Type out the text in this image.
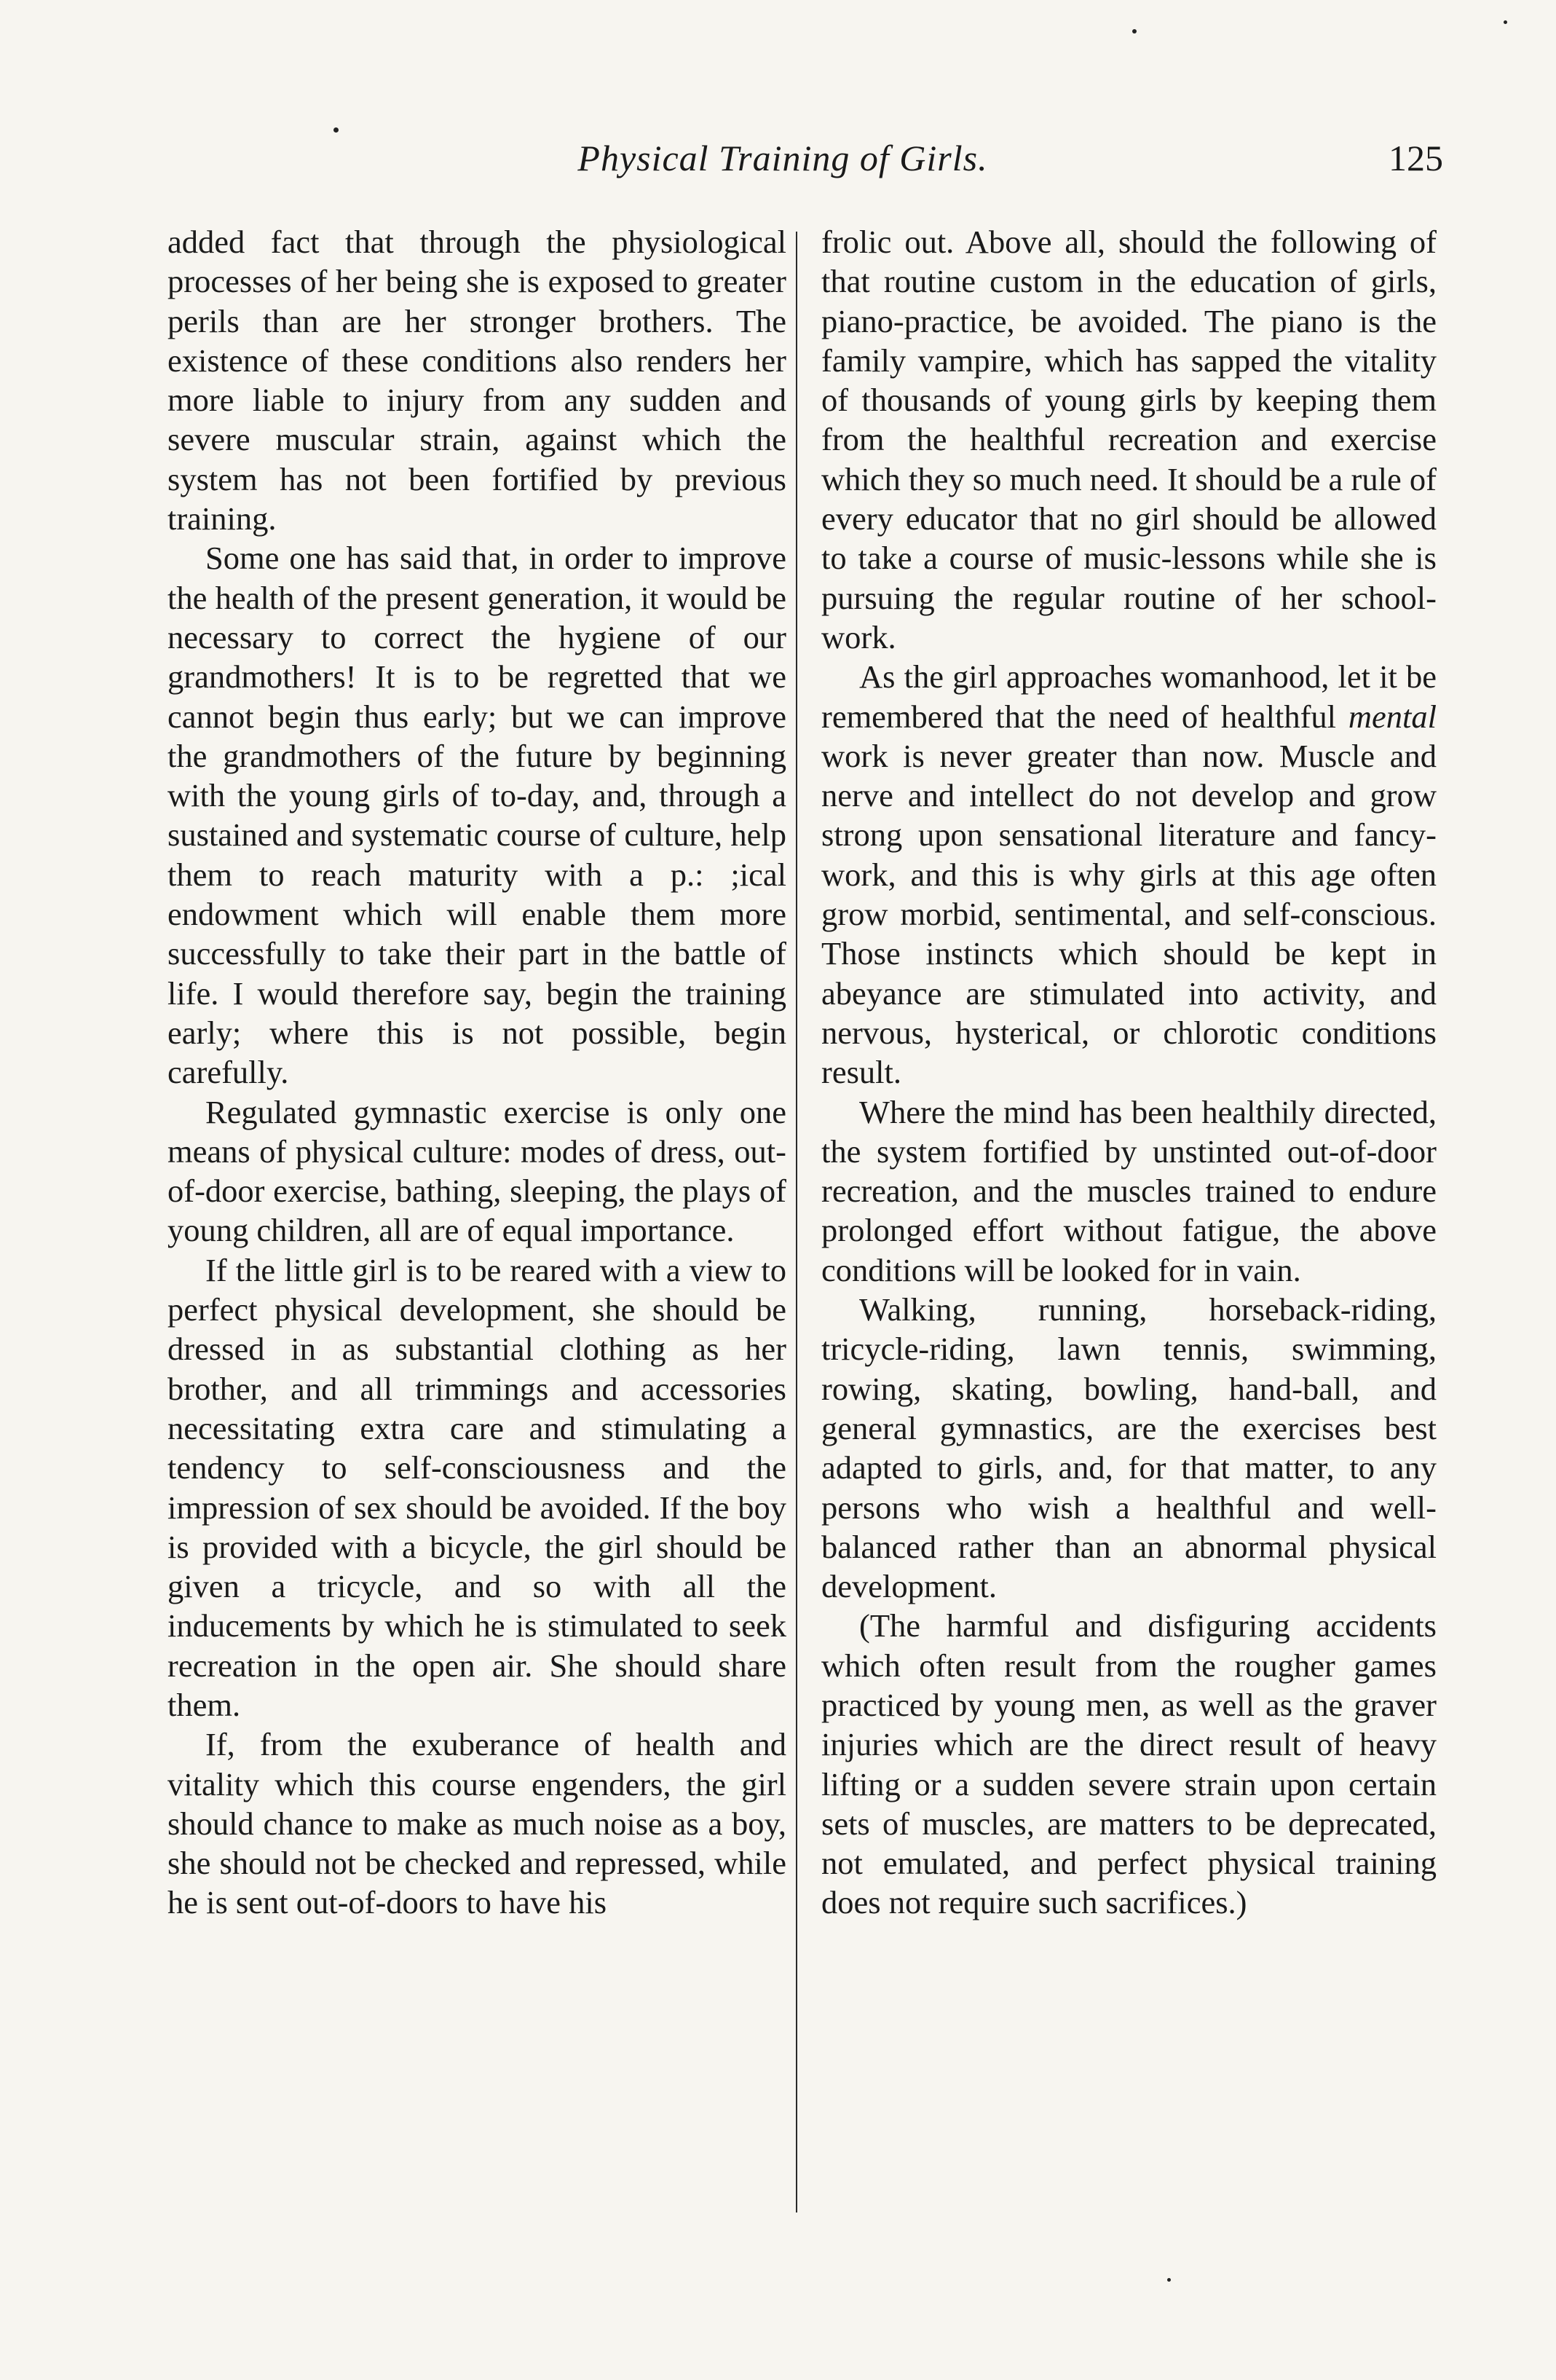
Physical Training of Girls.	125

added fact that through the physiological processes of her being she is exposed to greater perils than are her stronger brothers. The existence of these conditions also renders her more liable to injury from any sudden and severe muscular strain, against which the system has not been fortified by previous training.

Some one has said that, in order to improve the health of the present generation, it would be necessary to correct the hygiene of our grandmothers! It is to be regretted that we cannot begin thus early; but we can improve the grandmothers of the future by beginning with the young girls of to-day, and, through a sustained and systematic course of culture, help them to reach maturity with a p.: ;ical endowment which will enable them more successfully to take their part in the battle of life. I would therefore say, begin the training early; where this is not possible, begin carefully.

Regulated gymnastic exercise is only one means of physical culture: modes of dress, out-of-door exercise, bathing, sleeping, the plays of young children, all are of equal importance.

If the little girl is to be reared with a view to perfect physical development, she should be dressed in as substantial clothing as her brother, and all trimmings and accessories necessitating extra care and stimulating a tendency to self-consciousness and the impression of sex should be avoided. If the boy is provided with a bicycle, the girl should be given a tricycle, and so with all the inducements by which he is stimulated to seek recreation in the open air. She should share them.

If, from the exuberance of health and vitality which this course engenders, the girl should chance to make as much noise as a boy, she should not be checked and repressed, while he is sent out-of-doors to have his

frolic out. Above all, should the following of that routine custom in the education of girls, piano-practice, be avoided. The piano is the family vampire, which has sapped the vitality of thousands of young girls by keeping them from the healthful recreation and exercise which they so much need. It should be a rule of every educator that no girl should be allowed to take a course of music-lessons while she is pursuing the regular routine of her school-work.

As the girl approaches womanhood, let it be remembered that the need of healthful mental work is never greater than now. Muscle and nerve and intellect do not develop and grow strong upon sensational literature and fancy-work, and this is why girls at this age often grow morbid, sentimental, and self-conscious. Those instincts which should be kept in abeyance are stimulated into activity, and nervous, hysterical, or chlorotic conditions result.

Where the mind has been healthily directed, the system fortified by unstinted out-of-door recreation, and the muscles trained to endure prolonged effort without fatigue, the above conditions will be looked for in vain.

Walking, running, horseback-riding, tricycle-riding, lawn tennis, swimming, rowing, skating, bowling, hand-ball, and general gymnastics, are the exercises best adapted to girls, and, for that matter, to any persons who wish a healthful and well-balanced rather than an abnormal physical development.

(The harmful and disfiguring accidents which often result from the rougher games practiced by young men, as well as the graver injuries which are the direct result of heavy lifting or a sudden severe strain upon certain sets of muscles, are matters to be deprecated, not emulated, and perfect physical training does not require such sacrifices.)
